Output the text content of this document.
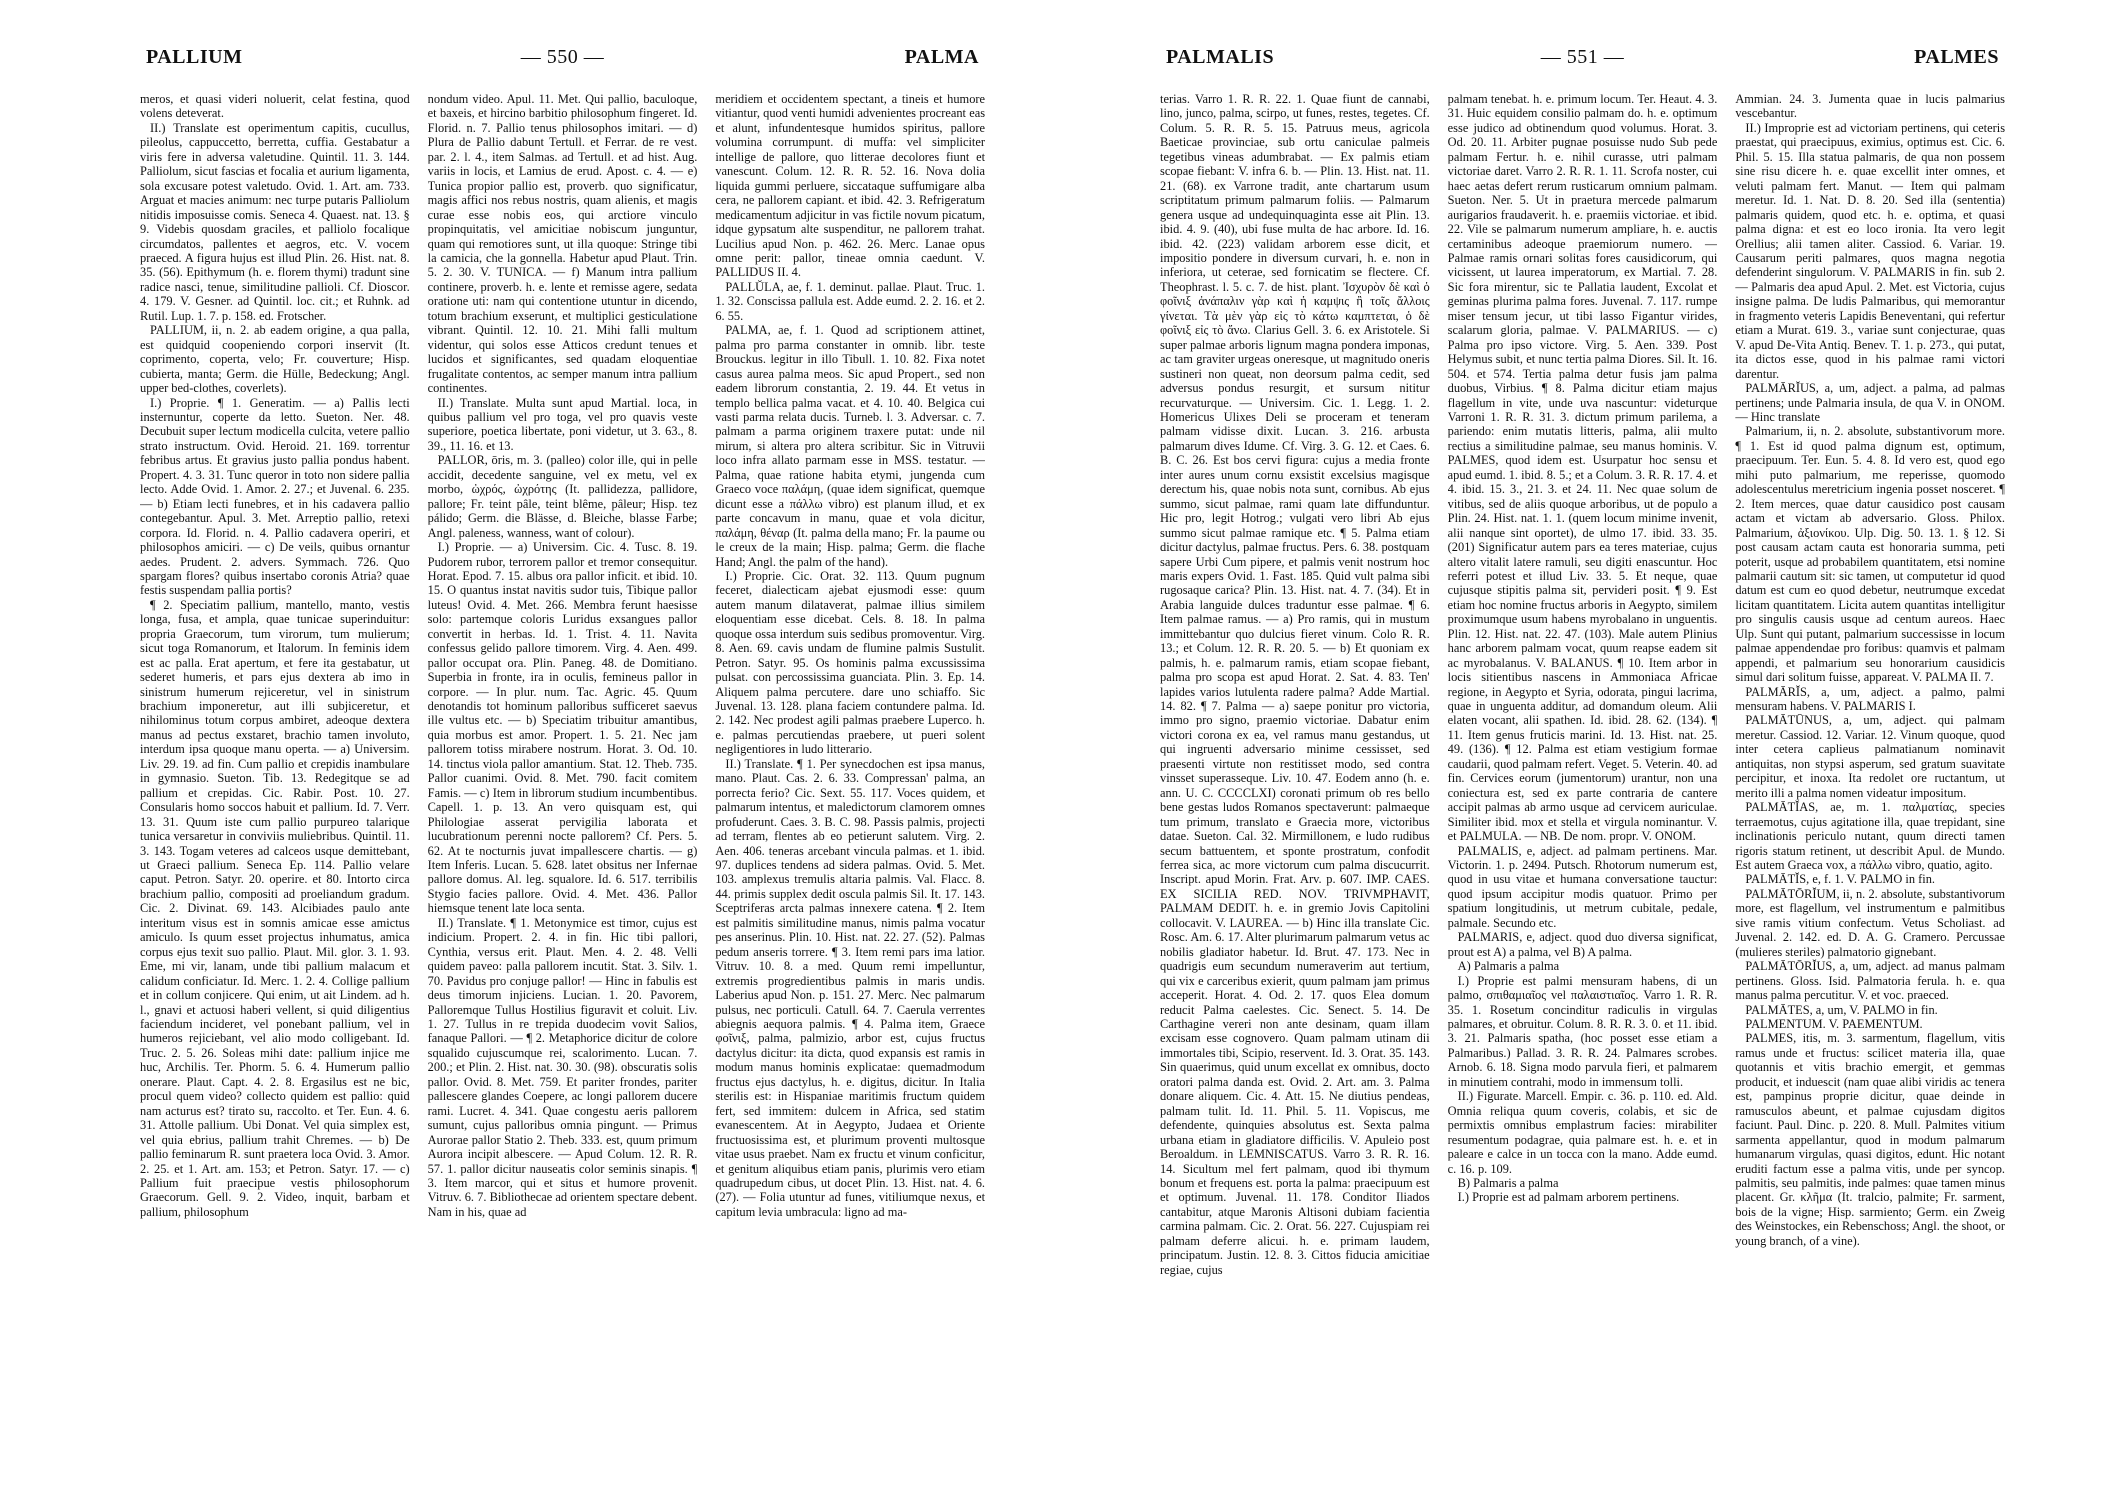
PALLIUM	— 550 —	PALMA

meros, et quasi videri noluerit, celat festina, quod volens deteverat.

II.) Translate est operimentum capitis, cucullus, pileolus, cappuccetto, berretta, cuffia. Gestabatur a viris fere in adversa valetudine. Quintil. 11. 3. 144. Palliolum, sicut fascias et focalia et aurium ligamenta, sola excusare potest valetudo. Ovid. 1. Art. am. 733. Arguat et macies animum: nec turpe putaris Palliolum nitidis imposuisse comis. Seneca 4. Quaest. nat. 13. § 9. Videbis quosdam graciles, et palliolo focalique circumdatos, pallentes et aegros, etc. V. vocem praeced. A figura hujus est illud Plin. 26. Hist. nat. 8. 35. (56). Epithymum (h. e. florem thymi) tradunt sine radice nasci, tenue, similitudine pallioli. Cf. Dioscor. 4. 179. V. Gesner. ad Quintil. loc. cit.; et Ruhnk. ad Rutil. Lup. 1. 7. p. 158. ed. Frotscher.

PALLIUM, ii, n. 2. ab eadem origine, a qua palla, est quidquid coopeniendo corpori inservit (It. coprimento, coperta, velo; Fr. couverture; Hisp. cubierta, manta; Germ. die Hülle, Bedeckung; Angl. upper bed-clothes, coverlets).

I.) Proprie. ¶ 1. Generatim. — a) Pallis lecti insternuntur, coperte da letto. Sueton. Ner. 48. Decubuit super lectum modicella culcita, vetere pallio strato instructum. Ovid. Heroid. 21. 169. torrentur febribus artus. Et gravius justo pallia pondus habent. Propert. 4. 3. 31. Tunc queror in toto non sidere pallia lecto. Adde Ovid. 1. Amor. 2. 27.; et Juvenal. 6. 235. — b) Etiam lecti funebres, et in his cadavera pallio contegebantur. Apul. 3. Met. Arreptio pallio, retexi corpora. Id. Florid. n. 4. Pallio cadavera operiri, et philosophos amiciri. — c) De veils, quibus ornantur aedes. Prudent. 2. advers. Symmach. 726. Quo spargam flores? quibus insertabo coronis Atria? quae festis suspendam pallia portis?

¶ 2. Speciatim pallium, mantello, manto, vestis longa, fusa, et ampla, quae tunicae superinduitur: propria Graecorum, tum virorum, tum mulierum; sicut toga Romanorum, et Italorum. In feminis idem est ac palla. Erat apertum, et fere ita gestabatur, ut sederet humeris, et pars ejus dextera ab imo in sinistrum humerum rejiceretur, vel in sinistrum brachium imponeretur, aut illi subjiceretur, et nihilominus totum corpus ambiret, adeoque dextera manus ad pectus exstaret, brachio tamen involuto, interdum ipsa quoque manu operta. — a) Universim. Liv. 29. 19. ad fin. Cum pallio et crepidis inambulare in gymnasio. Sueton. Tib. 13. Redegitque se ad pallium et crepidas. Cic. Rabir. Post. 10. 27. Consularis homo soccos habuit et pallium. Id. 7. Verr. 13. 31. Quum iste cum pallio purpureo talarique tunica versaretur in conviviis muliebribus. Quintil. 11. 3. 143. Togam veteres ad calceos usque demittebant, ut Graeci pallium. Seneca Ep. 114. Pallio velare caput. Petron. Satyr. 20. operire. et 80. Intorto circa brachium pallio, compositi ad proeliandum gradum. Cic. 2. Divinat. 69. 143. Alcibiades paulo ante interitum visus est in somnis amicae esse amictus amiculo. Is quum esset projectus inhumatus, amica corpus ejus texit suo pallio. Plaut. Mil. glor. 3. 1. 93. Eme, mi vir, lanam, unde tibi pallium malacum et calidum conficiatur. Id. Merc. 1. 2. 4. Collige pallium et in collum conjicere. Qui enim, ut ait Lindem. ad h. l., gnavi et actuosi haberi vellent, si quid diligentius faciendum incideret, vel ponebant pallium, vel in humeros rejiciebant, vel alio modo colligebant. Id. Truc. 2. 5. 26. Soleas mihi date: pallium injice me huc, Archilis. Ter. Phorm. 5. 6. 4. Humerum pallio onerare. Plaut. Capt. 4. 2. 8. Ergasilus est ne bic, procul quem video? collecto quidem est pallio: quid nam acturus est? tirato su, raccolto. et Ter. Eun. 4. 6. 31. Attolle pallium. Ubi Donat. Vel quia simplex est, vel quia ebrius, pallium trahit Chremes. — b) De pallio feminarum R. sunt praetera loca Ovid. 3. Amor. 2. 25. et 1. Art. am. 153; et Petron. Satyr. 17. — c) Pallium fuit praecipue vestis philosophorum Graecorum. Gell. 9. 2. Video, inquit, barbam et pallium, philosophum

nondum video. Apul. 11. Met. Qui pallio, baculoque, et baxeis, et hircino barbitio philosophum fingeret. Id. Florid. n. 7. Pallio tenus philosophos imitari. — d) Plura de Pallio dabunt Tertull. et Ferrar. de re vest. par. 2. l. 4., item Salmas. ad Tertull. et ad hist. Aug. variis in locis, et Lamius de erud. Apost. c. 4. — e) Tunica propior pallio est, proverb. quo significatur, magis affici nos rebus nostris, quam alienis, et magis curae esse nobis eos, qui arctiore vinculo propinquitatis, vel amicitiae nobiscum junguntur, quam qui remotiores sunt, ut illa quoque: Stringe tibi la camicia, che la gonnella. Habetur apud Plaut. Trin. 5. 2. 30. V. TUNICA. — f) Manum intra pallium continere, proverb. h. e. lente et remisse agere, sedata oratione uti: nam qui contentione utuntur in dicendo, totum brachium exserunt, et multiplici gesticulatione vibrant. Quintil. 12. 10. 21. Mihi falli multum videntur, qui solos esse Atticos credunt tenues et lucidos et significantes, sed quadam eloquentiae frugalitate contentos, ac semper manum intra pallium continentes.

II.) Translate. Multa sunt apud Martial. loca, in quibus pallium vel pro toga, vel pro quavis veste superiore, poetica libertate, poni videtur, ut 3. 63., 8. 39., 11. 16. et 13.

PALLOR, ōris, m. 3. (palleo) color ille, qui in pelle accidit, decedente sanguine, vel ex metu, vel ex morbo, ὠχρός, ὠχρότης (It. pallidezza, pallidore, pallore; Fr. teint pâle, teint blême, pâleur; Hisp. tez pálido; Germ. die Blässe, d. Bleiche, blasse Farbe; Angl. paleness, wanness, want of colour).

I.) Proprie. — a) Universim. Cic. 4. Tusc. 8. 19. Pudorem rubor, terrorem pallor et tremor consequitur. Horat. Epod. 7. 15. albus ora pallor inficit. et ibid. 10. 15. O quantus instat navitis sudor tuis, Tibique pallor luteus! Ovid. 4. Met. 266. Membra ferunt haesisse solo: partemque coloris Luridus exsangues pallor convertit in herbas. Id. 1. Trist. 4. 11. Navita confessus gelido pallore timorem. Virg. 4. Aen. 499. pallor occupat ora. Plin. Paneg. 48. de Domitiano. Superbia in fronte, ira in oculis, femineus pallor in corpore. — In plur. num. Tac. Agric. 45. Quum denotandis tot hominum palloribus sufficeret saevus ille vultus etc. — b) Speciatim tribuitur amantibus, quia morbus est amor. Propert. 1. 5. 21. Nec jam pallorem totiss mirabere nostrum. Horat. 3. Od. 10. 14. tinctus viola pallor amantium. Stat. 12. Theb. 735. Pallor cuanimi. Ovid. 8. Met. 790. facit comitem Famis. — c) Item in librorum studium incumbentibus. Capell. 1. p. 13. An vero quisquam est, qui Philologiae asserat pervigilia laborata et lucubrationum perenni nocte pallorem? Cf. Pers. 5. 62. At te nocturnis juvat impallescere chartis. — g) Item Inferis. Lucan. 5. 628. latet obsitus ner Infernae pallore domus. Al. leg. squalore. Id. 6. 517. terribilis Stygio facies pallore. Ovid. 4. Met. 436. Pallor hiemsque tenent late loca senta.

II.) Translate. ¶ 1. Metonymice est timor, cujus est indicium. Propert. 2. 4. in fin. Hic tibi pallori, Cynthia, versus erit. Plaut. Men. 4. 2. 48. Velli quidem paveo: palla pallorem incutit. Stat. 3. Silv. 1. 70. Pavidus pro conjuge pallor! — Hinc in fabulis est deus timorum injiciens. Lucian. 1. 20. Pavorem, Palloremque Tullus Hostilius figuravit et coluit. Liv. 1. 27. Tullus in re trepida duodecim vovit Salios, fanaque Pallori. — ¶ 2. Metaphorice dicitur de colore squalido cujuscumque rei, scalorimento. Lucan. 7. 200.; et Plin. 2. Hist. nat. 30. 30. (98). obscuratis solis pallor. Ovid. 8. Met. 759. Et pariter frondes, pariter pallescere glandes Coepere, ac longi pallorem ducere rami. Lucret. 4. 341. Quae congestu aeris pallorem sumunt, cujus palloribus omnia pingunt. — Primus Aurorae pallor Statio 2. Theb. 333. est, quum primum Aurora incipit albescere. — Apud Colum. 12. R. R. 57. 1. pallor dicitur nauseatis color seminis sinapis. ¶ 3. Item marcor, qui et situs et humore provenit. Vitruv. 6. 7. Bibliothecae ad orientem spectare debent. Nam in his, quae ad

meridiem et occidentem spectant, a tineis et humore vitiantur, quod venti humidi advenientes procreant eas et alunt, infundentesque humidos spiritus, pallore volumina corrumpunt. di muffa: vel simpliciter intellige de pallore, quo litterae decolores fiunt et vanescunt. Colum. 12. R. R. 52. 16. Nova dolia liquida gummi perluere, siccataque suffumigare alba cera, ne pallorem capiant. et ibid. 42. 3. Refrigeratum medicamentum adjicitur in vas fictile novum picatum, idque gypsatum alte suspenditur, ne pallorem trahat. Lucilius apud Non. p. 462. 26. Merc. Lanae opus omne perit: pallor, tineae omnia caedunt. V. PALLIDUS II. 4.

PALLŬLA, ae, f. 1. deminut. pallae. Plaut. Truc. 1. 1. 32. Conscissa pallula est. Adde eumd. 2. 2. 16. et 2. 6. 55.

PALMA, ae, f. 1. Quod ad scriptionem attinet, palma pro parma constanter in omnib. libr. teste Brouckus. legitur in illo Tibull. 1. 10. 82. Fixa notet casus aurea palma meos. Sic apud Propert., sed non eadem librorum constantia, 2. 19. 44. Et vetus in templo bellica palma vacat. et 4. 10. 40. Belgica cui vasti parma relata ducis. Turneb. l. 3. Adversar. c. 7. palmam a parma originem traxere putat: unde nil mirum, si altera pro altera scribitur. Sic in Vitruvii loco infra allato parmam esse in MSS. testatur. — Palma, quae ratione habita etymi, jungenda cum Graeco voce παλάμη, (quae idem significat, quemque dicunt esse a πάλλω vibro) est planum illud, et ex parte concavum in manu, quae et vola dicitur, παλάμη, θέναρ (It. palma della mano; Fr. la paume ou le creux de la main; Hisp. palma; Germ. die flache Hand; Angl. the palm of the hand).

I.) Proprie. Cic. Orat. 32. 113. Quum pugnum feceret, dialecticam ajebat ejusmodi esse: quum autem manum dilataverat, palmae illius similem eloquentiam esse dicebat. Cels. 8. 18. In palma quoque ossa interdum suis sedibus promoventur. Virg. 8. Aen. 69. cavis undam de flumine palmis Sustulit. Petron. Satyr. 95. Os hominis palma excussissima pulsat. con percossissima guanciata. Plin. 3. Ep. 14. Aliquem palma percutere. dare uno schiaffo. Sic Juvenal. 13. 128. plana faciem contundere palma. Id. 2. 142. Nec prodest agili palmas praebere Luperco. h. e. palmas percutiendas praebere, ut pueri solent negligentiores in ludo litterario.

II.) Translate. ¶ 1. Per synecdochen est ipsa manus, mano. Plaut. Cas. 2. 6. 33. Compressan' palma, an porrecta ferio? Cic. Sext. 55. 117. Voces quidem, et palmarum intentus, et maledictorum clamorem omnes profuderunt. Caes. 3. B. C. 98. Passis palmis, projecti ad terram, flentes ab eo petierunt salutem. Virg. 2. Aen. 406. teneras arcebant vincula palmas. et 1. ibid. 97. duplices tendens ad sidera palmas. Ovid. 5. Met. 103. amplexus tremulis altaria palmis. Val. Flacc. 8. 44. primis supplex dedit oscula palmis Sil. It. 17. 143. Sceptriferas arcta palmas innexere catena. ¶ 2. Item est palmitis similitudine manus, nimis palma vocatur pes anserinus. Plin. 10. Hist. nat. 22. 27. (52). Palmas pedum anseris torrere. ¶ 3. Item remi pars ima latior. Vitruv. 10. 8. a med. Quum remi impelluntur, extremis progredientibus palmis in maris undis. Laberius apud Non. p. 151. 27. Merc. Nec palmarum pulsus, nec porticuli. Catull. 64. 7. Caerula verrentes abiegnis aequora palmis. ¶ 4. Palma item, Graece φοῖνιξ, palma, palmizio, arbor est, cujus fructus dactylus dicitur: ita dicta, quod expansis est ramis in modum manus hominis explicatae: quemadmodum fructus ejus dactylus, h. e. digitus, dicitur. In Italia sterilis est: in Hispaniae maritimis fructum quidem fert, sed immitem: dulcem in Africa, sed statim evanescentem. At in Aegypto, Judaea et Oriente fructuosissima est, et plurimum proventi multosque vitae usus praebet. Nam ex fructu et vinum conficitur, et genitum aliquibus etiam panis, plurimis vero etiam quadrupedum cibus, ut docet Plin. 13. Hist. nat. 4. 6. (27). — Folia utuntur ad funes, vitiliumque nexus, et capitum levia umbracula: ligno ad ma-

PALMALIS	— 551 —	PALMES

terias. Varro 1. R. R. 22. 1. Quae fiunt de cannabi, lino, junco, palma, scirpo, ut funes, restes, tegetes. Cf. Colum. 5. R. R. 5. 15. Patruus meus, agricola Baeticae provinciae, sub ortu caniculae palmeis tegetibus vineas adumbrabat. — Ex palmis etiam scopae fiebant: V. infra 6. b. — Plin. 13. Hist. nat. 11. 21. (68). ex Varrone tradit, ante chartarum usum scriptitatum primum palmarum foliis. — Palmarum genera usque ad undequinquaginta esse ait Plin. 13. ibid. 4. 9. (40), ubi fuse multa de hac arbore. Id. 16. ibid. 42. (223) validam arborem esse dicit, et impositio pondere in diversum curvari, h. e. non in inferiora, ut ceterae, sed fornicatim se flectere. Cf. Theophrast. l. 5. c. 7. de hist. plant. Ἰσχυρὸν δὲ καὶ ὁ φοῖνιξ ἀνάπαλιν γὰρ καὶ ἡ καμψις ἢ τοῖς ἄλλοις γίνεται. Τὰ μὲν γὰρ εἰς τὸ κάτω καμπτεται, ὁ δὲ φοῖνιξ εἰς τὸ ἄνω. Clarius Gell. 3. 6. ex Aristotele. Si super palmae arboris lignum magna pondera imponas, ac tam graviter urgeas oneresque, ut magnitudo oneris sustineri non queat, non deorsum palma cedit, sed adversus pondus resurgit, et sursum nititur recurvaturque. — Universim. Cic. 1. Legg. 1. 2. Homericus Ulixes Deli se proceram et teneram palmam vidisse dixit. Lucan. 3. 216. arbusta palmarum dives Idume. Cf. Virg. 3. G. 12. et Caes. 6. B. C. 26. Est bos cervi figura: cujus a media fronte inter aures unum cornu exsistit excelsius magisque derectum his, quae nobis nota sunt, cornibus. Ab ejus summo, sicut palmae, rami quam late diffunduntur. Hic pro, legit Hotrog.; vulgati vero libri Ab ejus summo sicut palmae ramique etc. ¶ 5. Palma etiam dicitur dactylus, palmae fructus. Pers. 6. 38. postquam sapere Urbi Cum pipere, et palmis venit nostrum hoc maris expers Ovid. 1. Fast. 185. Quid vult palma sibi rugosaque carica? Plin. 13. Hist. nat. 4. 7. (34). Et in Arabia languide dulces traduntur esse palmae. ¶ 6. Item palmae ramus. — a) Pro ramis, qui in mustum immittebantur quo dulcius fieret vinum. Colo R. R. 13.; et Colum. 12. R. R. 20. 5. — b) Et quoniam ex palmis, h. e. palmarum ramis, etiam scopae fiebant, palma pro scopa est apud Horat. 2. Sat. 4. 83. Ten' lapides varios lutulenta radere palma? Adde Martial. 14. 82. ¶ 7. Palma — a) saepe ponitur pro victoria, immo pro signo, praemio victoriae. Dabatur enim victori corona ex ea, vel ramus manu gestandus, ut qui ingruenti adversario minime cessisset, sed praesenti virtute non restitisset modo, sed contra vinsset superasseque. Liv. 10. 47. Eodem anno (h. e. ann. U. C. CCCCLXI) coronati primum ob res bello bene gestas ludos Romanos spectaverunt: palmaeque tum primum, translato e Graecia more, victoribus datae. Sueton. Cal. 32. Mirmillonem, e ludo rudibus secum battuentem, et sponte prostratum, confodit ferrea sica, ac more victorum cum palma discucurrit. Inscript. apud Morin. Frat. Arv. p. 607. IMP. CAES. EX SICILIA RED. NOV. TRIVMPHAVIT, PALMAM DEDIT. h. e. in gremio Jovis Capitolini collocavit. V. LAUREA. — b) Hinc illa translate Cic. Rosc. Am. 6. 17. Alter plurimarum palmarum vetus ac nobilis gladiator habetur. Id. Brut. 47. 173. Nec in quadrigis eum secundum numeraverim aut tertium, qui vix e carceribus exierit, quum palmam jam primus acceperit. Horat. 4. Od. 2. 17. quos Elea domum reducit Palma caelestes. Cic. Senect. 5. 14. De Carthagine vereri non ante desinam, quam illam excisam esse cognovero. Quam palmam utinam dii immortales tibi, Scipio, reservent. Id. 3. Orat. 35. 143. Sin quaerimus, quid unum excellat ex omnibus, docto oratori palma danda est. Ovid. 2. Art. am. 3. Palma donare aliquem. Cic. 4. Att. 15. Ne diutius pendeas, palmam tulit. Id. 11. Phil. 5. 11. Vopiscus, me defendente, quinquies absolutus est. Sexta palma urbana etiam in gladiatore difficilis. V. Apuleio post Beroaldum. in LEMNISCATUS. Varro 3. R. R. 16. 14. Sicultum mel fert palmam, quod ibi thymum bonum et frequens est. porta la palma: praecipuum est et optimum. Juvenal. 11. 178. Conditor Iliados cantabitur, atque Maronis Altisoni dubiam facientia carmina palmam. Cic. 2. Orat. 56. 227. Cujuspiam rei palmam deferre alicui. h. e. primam laudem, principatum. Justin. 12. 8. 3. Cittos fiducia amicitiae regiae, cujus

palmam tenebat. h. e. primum locum. Ter. Heaut. 4. 3. 31. Huic equidem consilio palmam do. h. e. optimum esse judico ad obtinendum quod volumus. Horat. 3. Od. 20. 11. Arbiter pugnae posuisse nudo Sub pede palmam Fertur. h. e. nihil curasse, utri palmam victoriae daret. Varro 2. R. R. 1. 11. Scrofa noster, cui haec aetas defert rerum rusticarum omnium palmam. Sueton. Ner. 5. Ut in praetura mercede palmarum aurigarios fraudaverit. h. e. praemiis victoriae. et ibid. 22. Vile se palmarum numerum ampliare, h. e. auctis certaminibus adeoque praemiorum numero. — Palmae ramis ornari solitas fores causidicorum, qui vicissent, ut laurea imperatorum, ex Martial. 7. 28. Sic fora mirentur, sic te Pallatia laudent, Excolat et geminas plurima palma fores. Juvenal. 7. 117. rumpe miser tensum jecur, ut tibi lasso Figantur virides, scalarum gloria, palmae. V. PALMARIUS. — c) Palma pro ipso victore. Virg. 5. Aen. 339. Post Helymus subit, et nunc tertia palma Diores. Sil. It. 16. 504. et 574. Tertia palma detur fusis jam palma duobus, Virbius. ¶ 8. Palma dicitur etiam majus flagellum in vite, unde uva nascuntur: videturque Varroni 1. R. R. 31. 3. dictum primum parilema, a pariendo: enim mutatis litteris, palma, alii multo rectius a similitudine palmae, seu manus hominis. V. PALMES, quod idem est. Usurpatur hoc sensu et apud eumd. 1. ibid. 8. 5.; et a Colum. 3. R. R. 17. 4. et 4. ibid. 15. 3., 21. 3. et 24. 11. Nec quae solum de vitibus, sed de aliis quoque arboribus, ut de populo a Plin. 24. Hist. nat. 1. 1. (quem locum minime invenit, alii nanque sint oportet), de ulmo 17. ibid. 33. 35. (201) Significatur autem pars ea teres materiae, cujus altero vitalit latere ramuli, seu digiti enascuntur. Hoc referri potest et illud Liv. 33. 5. Et neque, quae cujusque stipitis palma sit, pervideri posit. ¶ 9. Est etiam hoc nomine fructus arboris in Aegypto, similem proximumque usum habens myrobalano in unguentis. Plin. 12. Hist. nat. 22. 47. (103). Male autem Plinius hanc arborem palmam vocat, quum reapse eadem sit ac myrobalanus. V. BALANUS. ¶ 10. Item arbor in locis sitientibus nascens in Ammoniaca Africae regione, in Aegypto et Syria, odorata, pingui lacrima, quae in unguenta additur, ad domandum oleum. Alii elaten vocant, alii spathen. Id. ibid. 28. 62. (134). ¶ 11. Item genus fruticis marini. Id. 13. Hist. nat. 25. 49. (136). ¶ 12. Palma est etiam vestigium formae caudarii, quod palmam refert. Veget. 5. Veterin. 40. ad fin. Cervices eorum (jumentorum) urantur, non una coniectura est, sed ex parte contraria de cantere accipit palmas ab armo usque ad cervicem auriculae. Similiter ibid. mox et stella et virgula nominantur. V. et PALMULA. — NB. De nom. propr. V. ONOM.

PALMALIS, e, adject. ad palmam pertinens. Mar. Victorin. 1. p. 2494. Putsch. Rhotorum numerum est, quod in usu vitae et humana conversatione tauctur: quod ipsum accipitur modis quatuor. Primo per spatium longitudinis, ut metrum cubitale, pedale, palmale. Secundo etc.

PALMARIS, e, adject. quod duo diversa significat, prout est A) a palma, vel B) A palma.

A) Palmaris a palma

I.) Proprie est palmi mensuram habens, di un palmo, σπιθαμιαῖος vel παλαιστιαῖος. Varro 1. R. R. 35. 1. Rosetum concinditur radiculis in virgulas palmares, et obruitur. Colum. 8. R. R. 3. 0. et 11. ibid. 3. 21. Palmaris spatha, (hoc posset esse etiam a Palmaribus.) Pallad. 3. R. R. 24. Palmares scrobes. Arnob. 6. 18. Signa modo parvula fieri, et palmarem in minutiem contrahi, modo in immensum tolli.

II.) Figurate. Marcell. Empir. c. 36. p. 110. ed. Ald. Omnia reliqua quum coveris, colabis, et sic de permixtis omnibus emplastrum facies: mirabiliter resumentum podagrae, quia palmare est. h. e. et in paleare e calce in un tocca con la mano. Adde eumd. c. 16. p. 109.

B) Palmaris a palma

I.) Proprie est ad palmam arborem pertinens.

Ammian. 24. 3. Jumenta quae in lucis palmarius vescebantur.

II.) Improprie est ad victoriam pertinens, qui ceteris praestat, qui praecipuus, eximius, optimus est. Cic. 6. Phil. 5. 15. Illa statua palmaris, de qua non possem sine risu dicere h. e. quae excellit inter omnes, et veluti palmam fert. Manut. — Item qui palmam meretur. Id. 1. Nat. D. 8. 20. Sed illa (sententia) palmaris quidem, quod etc. h. e. optima, et quasi palma digna: et est eo loco ironia. Ita vero legit Orellius; alii tamen aliter. Cassiod. 6. Variar. 19. Causarum periti palmares, quos magna negotia defenderint singulorum. V. PALMARIS in fin. sub 2. — Palmaris dea apud Apul. 2. Met. est Victoria, cujus insigne palma. De ludis Palmaribus, qui memorantur in fragmento veteris Lapidis Beneventani, qui refertur etiam a Murat. 619. 3., variae sunt conjecturae, quas V. apud De-Vita Antiq. Benev. T. 1. p. 273., qui putat, ita dictos esse, quod in his palmae rami victori darentur.

PALMĀRĬUS, a, um, adject. a palma, ad palmas pertinens; unde Palmaria insula, de qua V. in ONOM. — Hinc translate

Palmarium, ii, n. 2. absolute, substantivorum more. ¶ 1. Est id quod palma dignum est, optimum, praecipuum. Ter. Eun. 5. 4. 8. Id vero est, quod ego mihi puto palmarium, me reperisse, quomodo adolescentulus meretricium ingenia posset nosceret. ¶ 2. Item merces, quae datur causidico post causam actam et victam ab adversario. Gloss. Philox. Palmarium, ἀξιονίκου. Ulp. Dig. 50. 13. 1. § 12. Si post causam actam cauta est honoraria summa, peti poterit, usque ad probabilem quantitatem, etsi nomine palmarii cautum sit: sic tamen, ut computetur id quod datum est cum eo quod debetur, neutrumque excedat licitam quantitatem. Licita autem quantitas intelligitur pro singulis causis usque ad centum aureos. Haec Ulp. Sunt qui putant, palmarium successisse in locum palmae appendendae pro foribus: quamvis et palmam appendi, et palmarium seu honorarium causidicis simul dari solitum fuisse, appareat. V. PALMA II. 7.

PALMĀRĬS, a, um, adject. a palmo, palmi mensuram habens. V. PALMARIS I.

PALMĀTŪNUS, a, um, adject. qui palmam meretur. Cassiod. 12. Variar. 12. Vinum quoque, quod inter cetera caplieus palmatianum nominavit antiquitas, non stypsi asperum, sed gratum suavitate percipitur, et inoxa. Ita redolet ore ructantum, ut merito illi a palma nomen videatur impositum.

PALMĀTĬAS, ae, m. 1. παλματίας, species terraemotus, cujus agitatione illa, quae trepidant, sine inclinationis periculo nutant, quum directi tamen rigoris statum retinent, ut describit Apul. de Mundo. Est autem Graeca vox, a πάλλω vibro, quatio, agito.

PALMĀTĬS, e, f. 1. V. PALMO in fin.

PALMĀTŌRĬUM, ii, n. 2. absolute, substantivorum more, est flagellum, vel instrumentum e palmitibus sive ramis vitium confectum. Vetus Scholiast. ad Juvenal. 2. 142. ed. D. A. G. Cramero. Percussae (mulieres steriles) palmatorio gignebant.

PALMĀTŌRĬUS, a, um, adject. ad manus palmam pertinens. Gloss. Isid. Palmatoria ferula. h. e. qua manus palma percutitur. V. et voc. praeced.

PALMĀTES, a, um, V. PALMO in fin.

PALMENTUM. V. PAEMENTUM.

PALMES, itis, m. 3. sarmentum, flagellum, vitis ramus unde et fructus: scilicet materia illa, quae quotannis et vitis brachio emergit, et gemmas producit, et induescit (nam quae alibi viridis ac tenera est, pampinus proprie dicitur, quae deinde in ramusculos abeunt, et palmae cujusdam digitos faciunt. Paul. Dinc. p. 220. 8. Mull. Palmites vitium sarmenta appellantur, quod in modum palmarum humanarum virgulas, quasi digitos, edunt. Hic notant eruditi factum esse a palma vitis, unde per syncop. palmitis, seu palmitis, inde palmes: quae tamen minus placent. Gr. κλῆμα (It. tralcio, palmite; Fr. sarment, bois de la vigne; Hisp. sarmiento; Germ. ein Zweig des Weinstockes, ein Rebenschoss; Angl. the shoot, or young branch, of a vine).
